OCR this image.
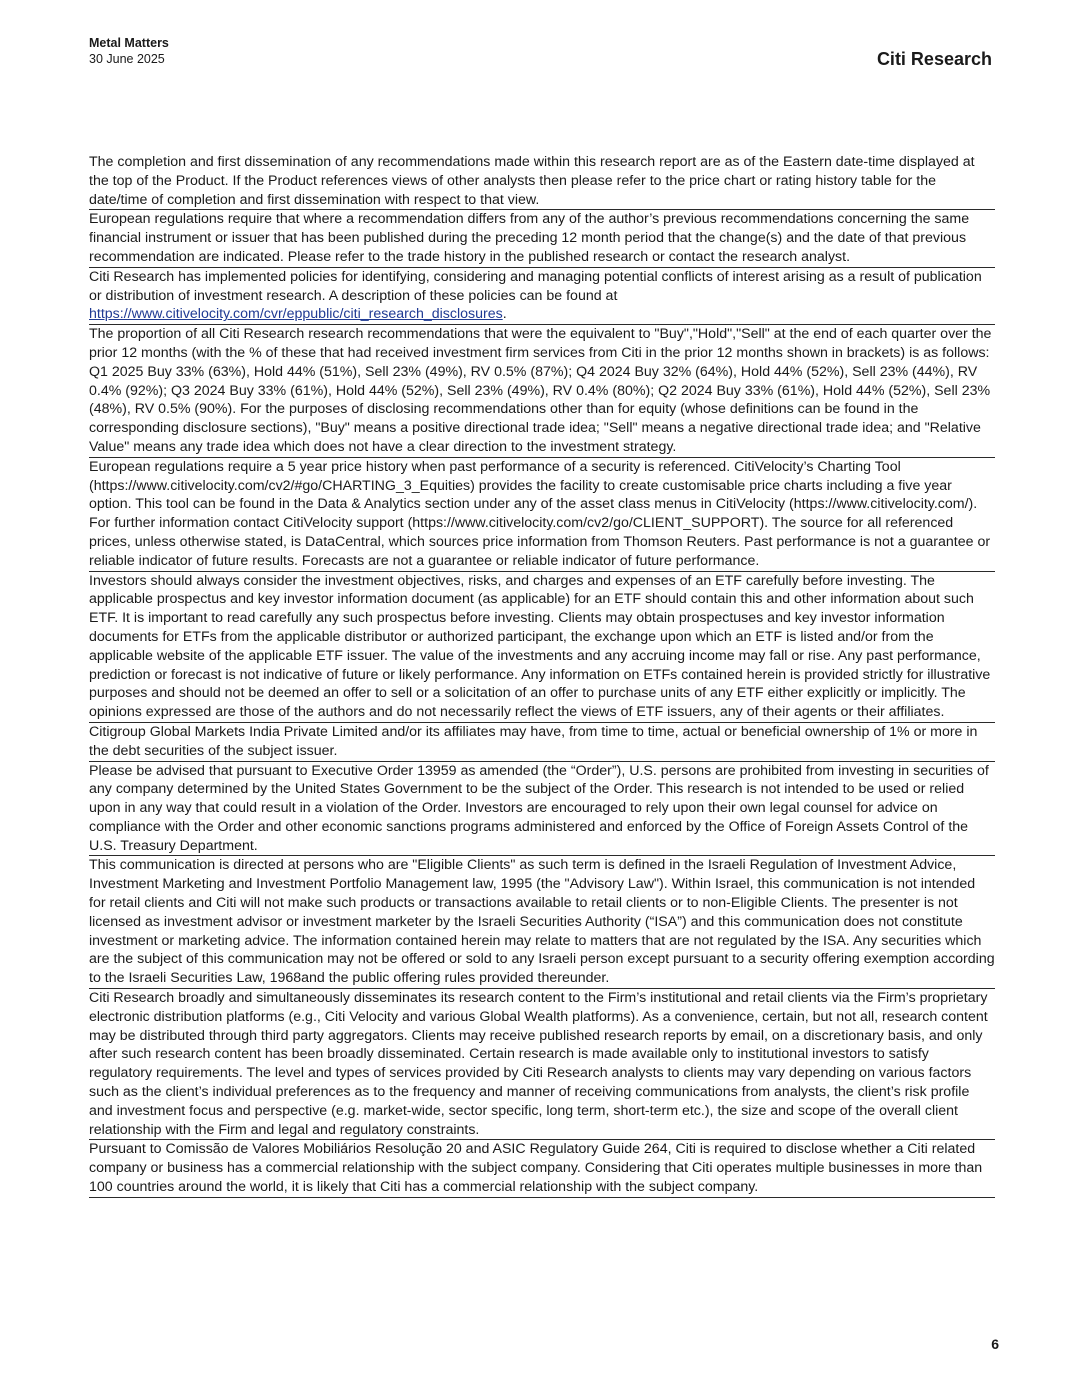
Metal Matters
30 June 2025	Citi Research

The completion and first dissemination of any recommendations made within this research report are as of the Eastern date-time displayed at the top of the Product. If the Product references views of other analysts then please refer to the price chart or rating history table for the date/time of completion and first dissemination with respect to that view.

European regulations require that where a recommendation differs from any of the author’s previous recommendations concerning the same financial instrument or issuer that has been published during the preceding 12 month period that the change(s) and the date of that previous recommendation are indicated. Please refer to the trade history in the published research or contact the research analyst.

Citi Research has implemented policies for identifying, considering and managing potential conflicts of interest arising as a result of publication or distribution of investment research. A description of these policies can be found at https://www.citivelocity.com/cvr/eppublic/citi_research_disclosures.

The proportion of all Citi Research research recommendations that were the equivalent to "Buy","Hold","Sell" at the end of each quarter over the prior 12 months (with the % of these that had received investment firm services from Citi in the prior 12 months shown in brackets) is as follows: Q1 2025 Buy 33% (63%), Hold 44% (51%), Sell 23% (49%), RV 0.5% (87%); Q4 2024 Buy 32% (64%), Hold 44% (52%), Sell 23% (44%), RV 0.4% (92%); Q3 2024 Buy 33% (61%), Hold 44% (52%), Sell 23% (49%), RV 0.4% (80%); Q2 2024 Buy 33% (61%), Hold 44% (52%), Sell 23% (48%), RV 0.5% (90%). For the purposes of disclosing recommendations other than for equity (whose definitions can be found in the corresponding disclosure sections), "Buy" means a positive directional trade idea; "Sell" means a negative directional trade idea; and "Relative Value" means any trade idea which does not have a clear direction to the investment strategy.

European regulations require a 5 year price history when past performance of a security is referenced. CitiVelocity’s Charting Tool (https://www.citivelocity.com/cv2/#go/CHARTING_3_Equities) provides the facility to create customisable price charts including a five year option. This tool can be found in the Data & Analytics section under any of the asset class menus in CitiVelocity (https://www.citivelocity.com/). For further information contact CitiVelocity support (https://www.citivelocity.com/cv2/go/CLIENT_SUPPORT). The source for all referenced prices, unless otherwise stated, is DataCentral, which sources price information from Thomson Reuters. Past performance is not a guarantee or reliable indicator of future results. Forecasts are not a guarantee or reliable indicator of future performance.

Investors should always consider the investment objectives, risks, and charges and expenses of an ETF carefully before investing. The applicable prospectus and key investor information document (as applicable) for an ETF should contain this and other information about such ETF. It is important to read carefully any such prospectus before investing. Clients may obtain prospectuses and key investor information documents for ETFs from the applicable distributor or authorized participant, the exchange upon which an ETF is listed and/or from the applicable website of the applicable ETF issuer. The value of the investments and any accruing income may fall or rise. Any past performance, prediction or forecast is not indicative of future or likely performance. Any information on ETFs contained herein is provided strictly for illustrative purposes and should not be deemed an offer to sell or a solicitation of an offer to purchase units of any ETF either explicitly or implicitly. The opinions expressed are those of the authors and do not necessarily reflect the views of ETF issuers, any of their agents or their affiliates.

Citigroup Global Markets India Private Limited and/or its affiliates may have, from time to time, actual or beneficial ownership of 1% or more in the debt securities of the subject issuer.

Please be advised that pursuant to Executive Order 13959 as amended (the “Order”), U.S. persons are prohibited from investing in securities of any company determined by the United States Government to be the subject of the Order. This research is not intended to be used or relied upon in any way that could result in a violation of the Order. Investors are encouraged to rely upon their own legal counsel for advice on compliance with the Order and other economic sanctions programs administered and enforced by the Office of Foreign Assets Control of the U.S. Treasury Department.

This communication is directed at persons who are "Eligible Clients" as such term is defined in the Israeli Regulation of Investment Advice, Investment Marketing and Investment Portfolio Management law, 1995 (the "Advisory Law"). Within Israel, this communication is not intended for retail clients and Citi will not make such products or transactions available to retail clients or to non-Eligible Clients. The presenter is not licensed as investment advisor or investment marketer by the Israeli Securities Authority (“ISA”) and this communication does not constitute investment or marketing advice. The information contained herein may relate to matters that are not regulated by the ISA. Any securities which are the subject of this communication may not be offered or sold to any Israeli person except pursuant to a security offering exemption according to the Israeli Securities Law, 1968and the public offering rules provided thereunder.

Citi Research broadly and simultaneously disseminates its research content to the Firm’s institutional and retail clients via the Firm’s proprietary electronic distribution platforms (e.g., Citi Velocity and various Global Wealth platforms). As a convenience, certain, but not all, research content may be distributed through third party aggregators. Clients may receive published research reports by email, on a discretionary basis, and only after such research content has been broadly disseminated. Certain research is made available only to institutional investors to satisfy regulatory requirements. The level and types of services provided by Citi Research analysts to clients may vary depending on various factors such as the client’s individual preferences as to the frequency and manner of receiving communications from analysts, the client’s risk profile and investment focus and perspective (e.g. market-wide, sector specific, long term, short-term etc.), the size and scope of the overall client relationship with the Firm and legal and regulatory constraints.

Pursuant to Comissão de Valores Mobiliários Resolução 20 and ASIC Regulatory Guide 264, Citi is required to disclose whether a Citi related company or business has a commercial relationship with the subject company. Considering that Citi operates multiple businesses in more than 100 countries around the world, it is likely that Citi has a commercial relationship with the subject company.

6
